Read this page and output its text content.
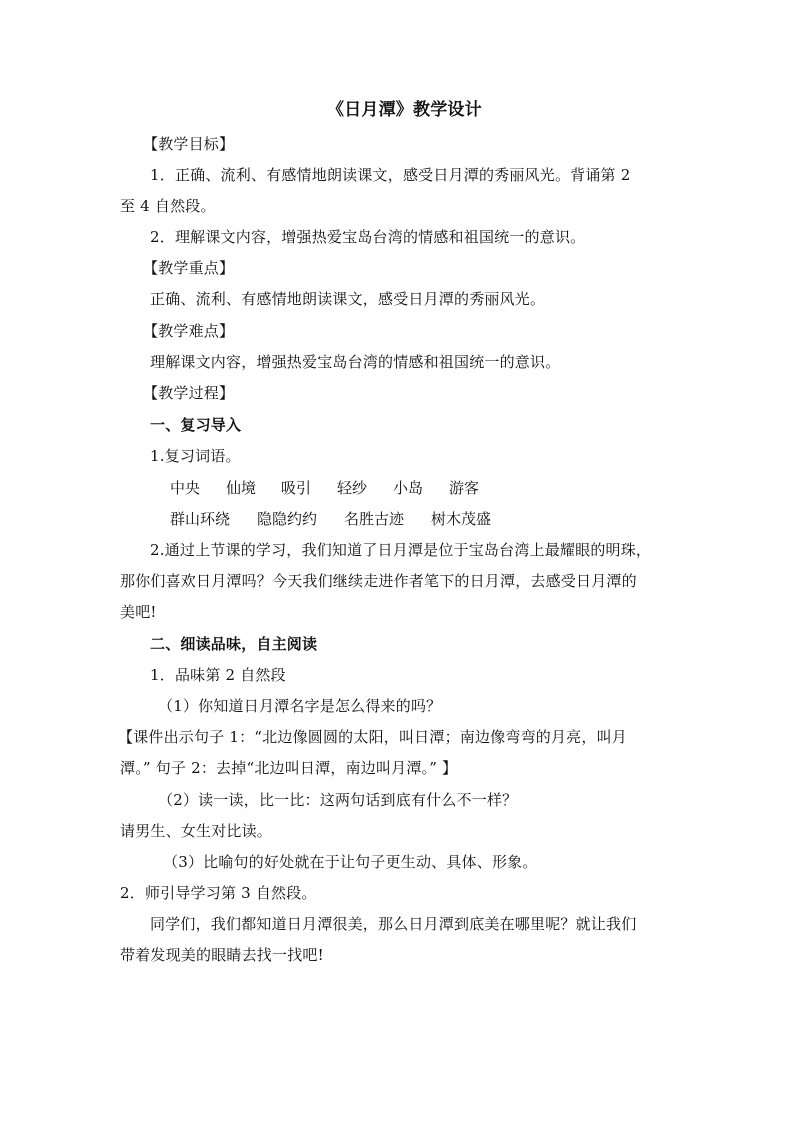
《日月潭》教学设计
【教学目标】
1．正确、流利、有感情地朗读课文，感受日月潭的秀丽风光。背诵第 2
至 4 自然段。
2．理解课文内容，增强热爱宝岛台湾的情感和祖国统一的意识。
【教学重点】
正确、流利、有感情地朗读课文，感受日月潭的秀丽风光。
【教学难点】
理解课文内容，增强热爱宝岛台湾的情感和祖国统一的意识。
【教学过程】
一、复习导入
1.复习词语。
中央 仙境 吸引 轻纱 小岛 游客
群山环绕 隐隐约约 名胜古迹 树木茂盛
2.通过上节课的学习，我们知道了日月潭是位于宝岛台湾上最耀眼的明珠，
那你们喜欢日月潭吗？今天我们继续走进作者笔下的日月潭，去感受日月潭的
美吧!
二、细读品味，自主阅读
1．品味第 2 自然段
（1）你知道日月潭名字是怎么得来的吗？
【课件出示句子 1：“北边像圆圆的太阳，叫日潭；南边像弯弯的月亮，叫月
潭。” 句子 2：去掉“北边叫日潭，南边叫月潭。” 】
（2）读一读，比一比：这两句话到底有什么不一样？
请男生、女生对比读。
（3）比喻句的好处就在于让句子更生动、具体、形象。
2．师引导学习第 3 自然段。
同学们，我们都知道日月潭很美，那么日月潭到底美在哪里呢？就让我们
带着发现美的眼睛去找一找吧!
